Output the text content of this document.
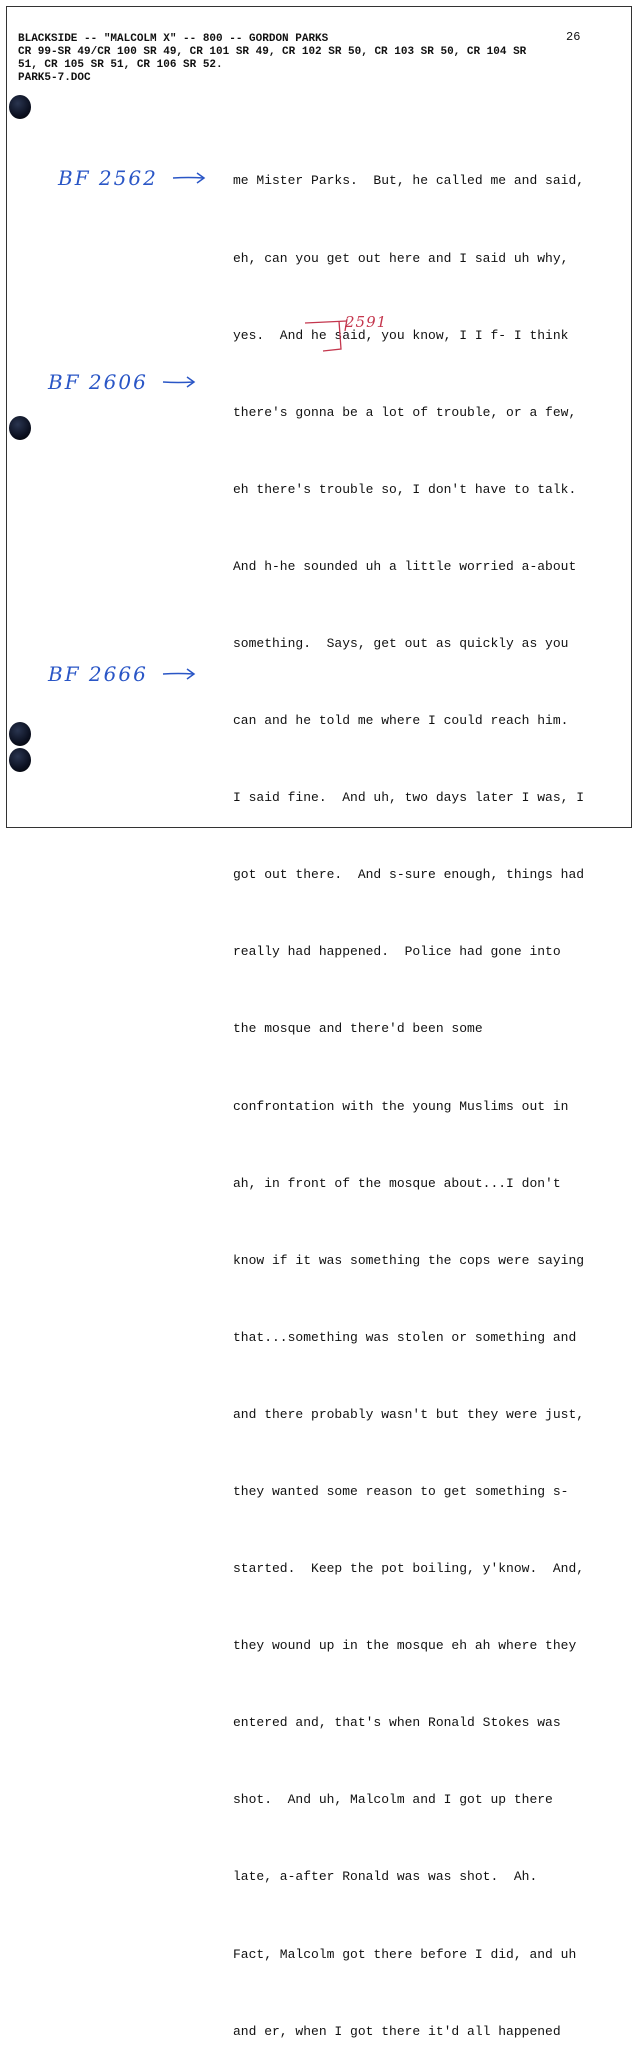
BLACKSIDE -- "MALCOLM X" -- 800 -- GORDON PARKS
CR 99-SR 49/CR 100 SR 49, CR 101 SR 49, CR 102 SR 50, CR 103 SR 50, CR 104 SR
51, CR 105 SR 51, CR 106 SR 52.
PARK5-7.DOC
26

me Mister Parks.  But, he called me and said,

eh, can you get out here and I said uh why,

yes.  And he said, you know, I I f- I think

there's gonna be a lot of trouble, or a few,

eh there's trouble so, I don't have to talk.

And h-he sounded uh a little worried a-about

something.  Says, get out as quickly as you

can and he told me where I could reach him.

I said fine.  And uh, two days later I was, I

got out there.  And s-sure enough, things had

really had happened.  Police had gone into

the mosque and there'd been some

confrontation with the young Muslims out in

ah, in front of the mosque about...I don't

know if it was something the cops were saying

that...something was stolen or something and

and there probably wasn't but they were just,

they wanted some reason to get something s-

started.  Keep the pot boiling, y'know.  And,

they wound up in the mosque eh ah where they

entered and, that's when Ronald Stokes was

shot.  And uh, Malcolm and I got up there

late, a-after Ronald was was shot.  Ah.

Fact, Malcolm got there before I did, and uh

and er, when I got there it'd all happened

BF 2562
BF 2606
BF 2666
2591
